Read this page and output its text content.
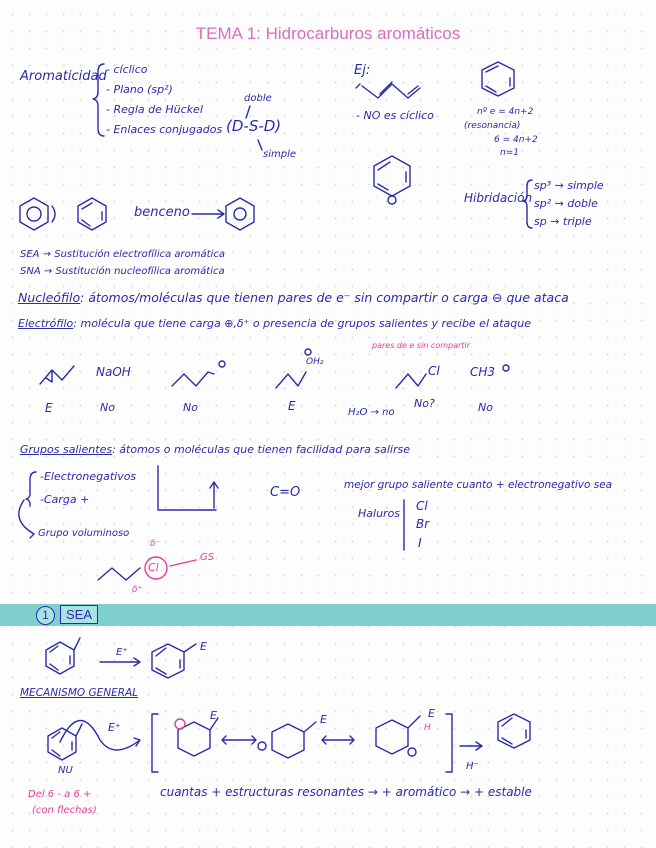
TEMA 1: Hidrocarburos aromáticos
Aromaticidad - cíclico
- Plano (sp²)
- Regla de Hückel
- Enlaces conjugados (D-S-D)
doble
simple
Ej:
- NO es cíclico	nº e = 4n+2
(resonancia)
6 = 4n+2
n=1
Hibridación
sp³ → simple
sp² → doble
sp → triple
benceno
SEA → Sustitución electrofílica aromática
SNA → Sustitución nucleofílica aromática
Nucleófilo: átomos/moléculas que tienen pares de e⁻ sin compartir o carga ⊖ que ataca
Electrófilo: molécula que tiene carga ⊕,δ⁺ o presencia de grupos salientes y recibe el ataque
pares de e sin compartir
NaOH
OH₂
Cl	CH3
E	No	No	E	No?	No
H₂O → no
Grupos salientes: átomos o moléculas que tienen facilidad para salirse
-Electronegativos
-Carga +
Grupo voluminoso
C=O	mejor grupo saliente cuanto + electronegativo sea
Haluros
Cl
Br
I
δ⁻
δ⁺
GS
Cl
1	SEA
E⁺	E
MECANISMO GENERAL
E⁺
NU
E	E	E
H
H⁻
cuantas + estructuras resonantes → + aromático → + estable
Del 6 - a 6 +
(con flechas)
